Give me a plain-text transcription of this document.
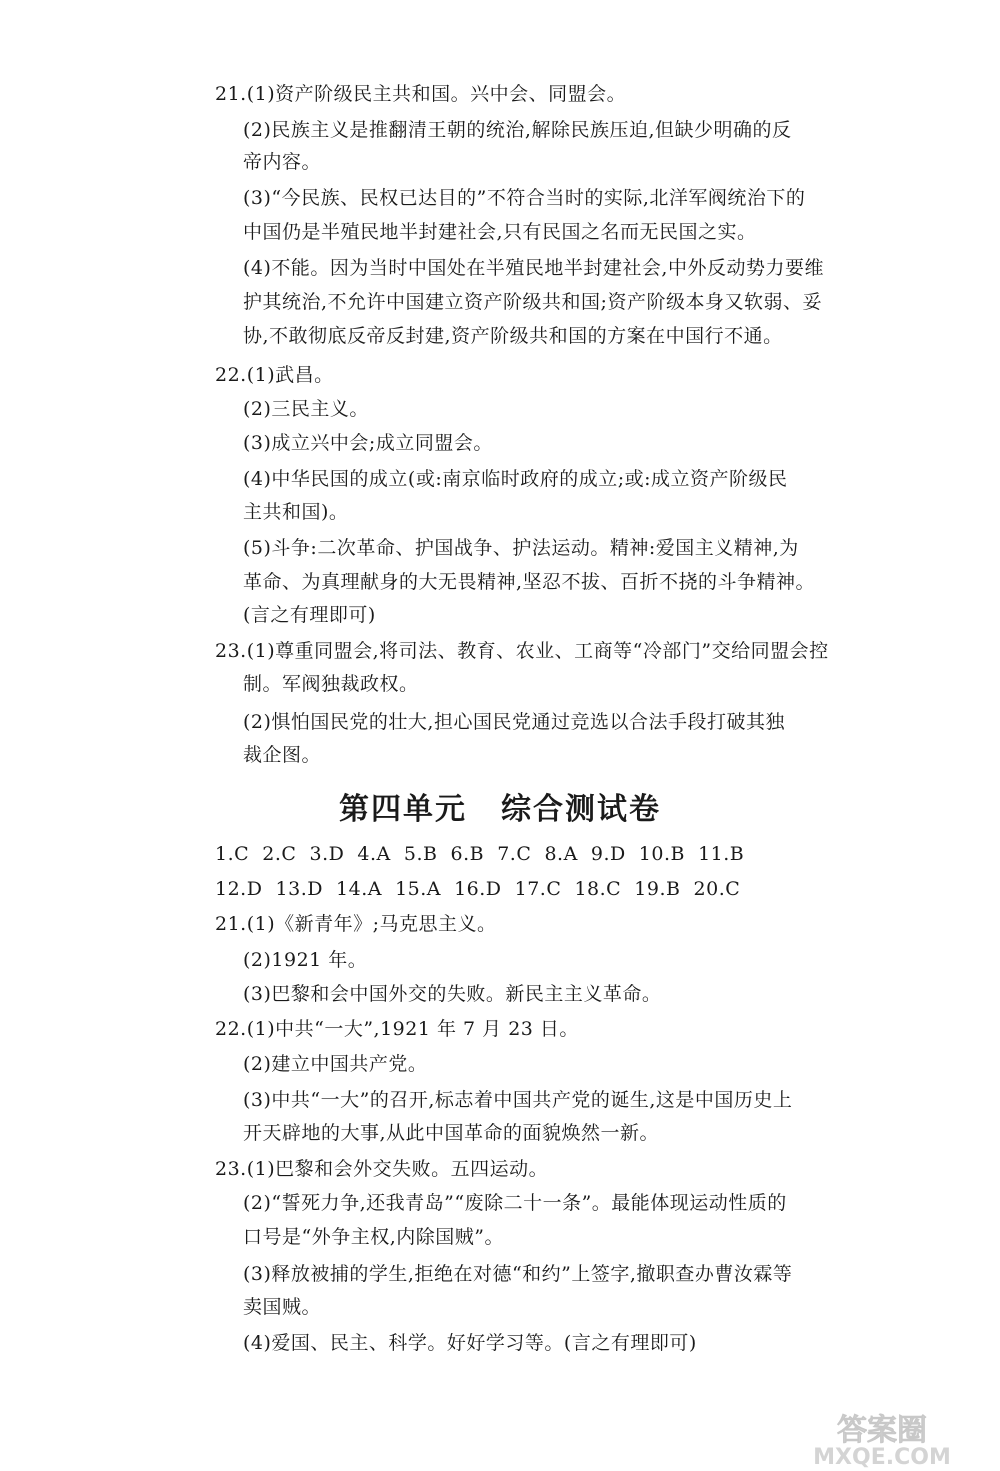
21.(1)资产阶级民主共和国。兴中会、同盟会。
(2)民族主义是推翻清王朝的统治,解除民族压迫,但缺少明确的反
帝内容。
(3)“今民族、民权已达目的”不符合当时的实际,北洋军阀统治下的
中国仍是半殖民地半封建社会,只有民国之名而无民国之实。
(4)不能。因为当时中国处在半殖民地半封建社会,中外反动势力要维
护其统治,不允许中国建立资产阶级共和国;资产阶级本身又软弱、妥
协,不敢彻底反帝反封建,资产阶级共和国的方案在中国行不通。
22.(1)武昌。
(2)三民主义。
(3)成立兴中会;成立同盟会。
(4)中华民国的成立(或:南京临时政府的成立;或:成立资产阶级民
主共和国)。
(5)斗争:二次革命、护国战争、护法运动。精神:爱国主义精神,为
革命、为真理献身的大无畏精神,坚忍不拔、百折不挠的斗争精神。
(言之有理即可)
23.(1)尊重同盟会,将司法、教育、农业、工商等“冷部门”交给同盟会控
制。军阀独裁政权。
(2)惧怕国民党的壮大,担心国民党通过竞选以合法手段打破其独
裁企图。
第四单元 综合测试卷
1.C  2.C  3.D  4.A  5.B  6.B  7.C  8.A  9.D  10.B  11.B
12.D  13.D  14.A  15.A  16.D  17.C  18.C  19.B  20.C
21.(1)《新青年》;马克思主义。
(2)1921 年。
(3)巴黎和会中国外交的失败。新民主主义革命。
22.(1)中共“一大”,1921 年 7 月 23 日。
(2)建立中国共产党。
(3)中共“一大”的召开,标志着中国共产党的诞生,这是中国历史上
开天辟地的大事,从此中国革命的面貌焕然一新。
23.(1)巴黎和会外交失败。五四运动。
(2)“誓死力争,还我青岛”“废除二十一条”。最能体现运动性质的
口号是“外争主权,内除国贼”。
(3)释放被捕的学生,拒绝在对德“和约”上签字,撤职查办曹汝霖等
卖国贼。
(4)爱国、民主、科学。好好学习等。(言之有理即可)
答案圈
MXQE.COM
